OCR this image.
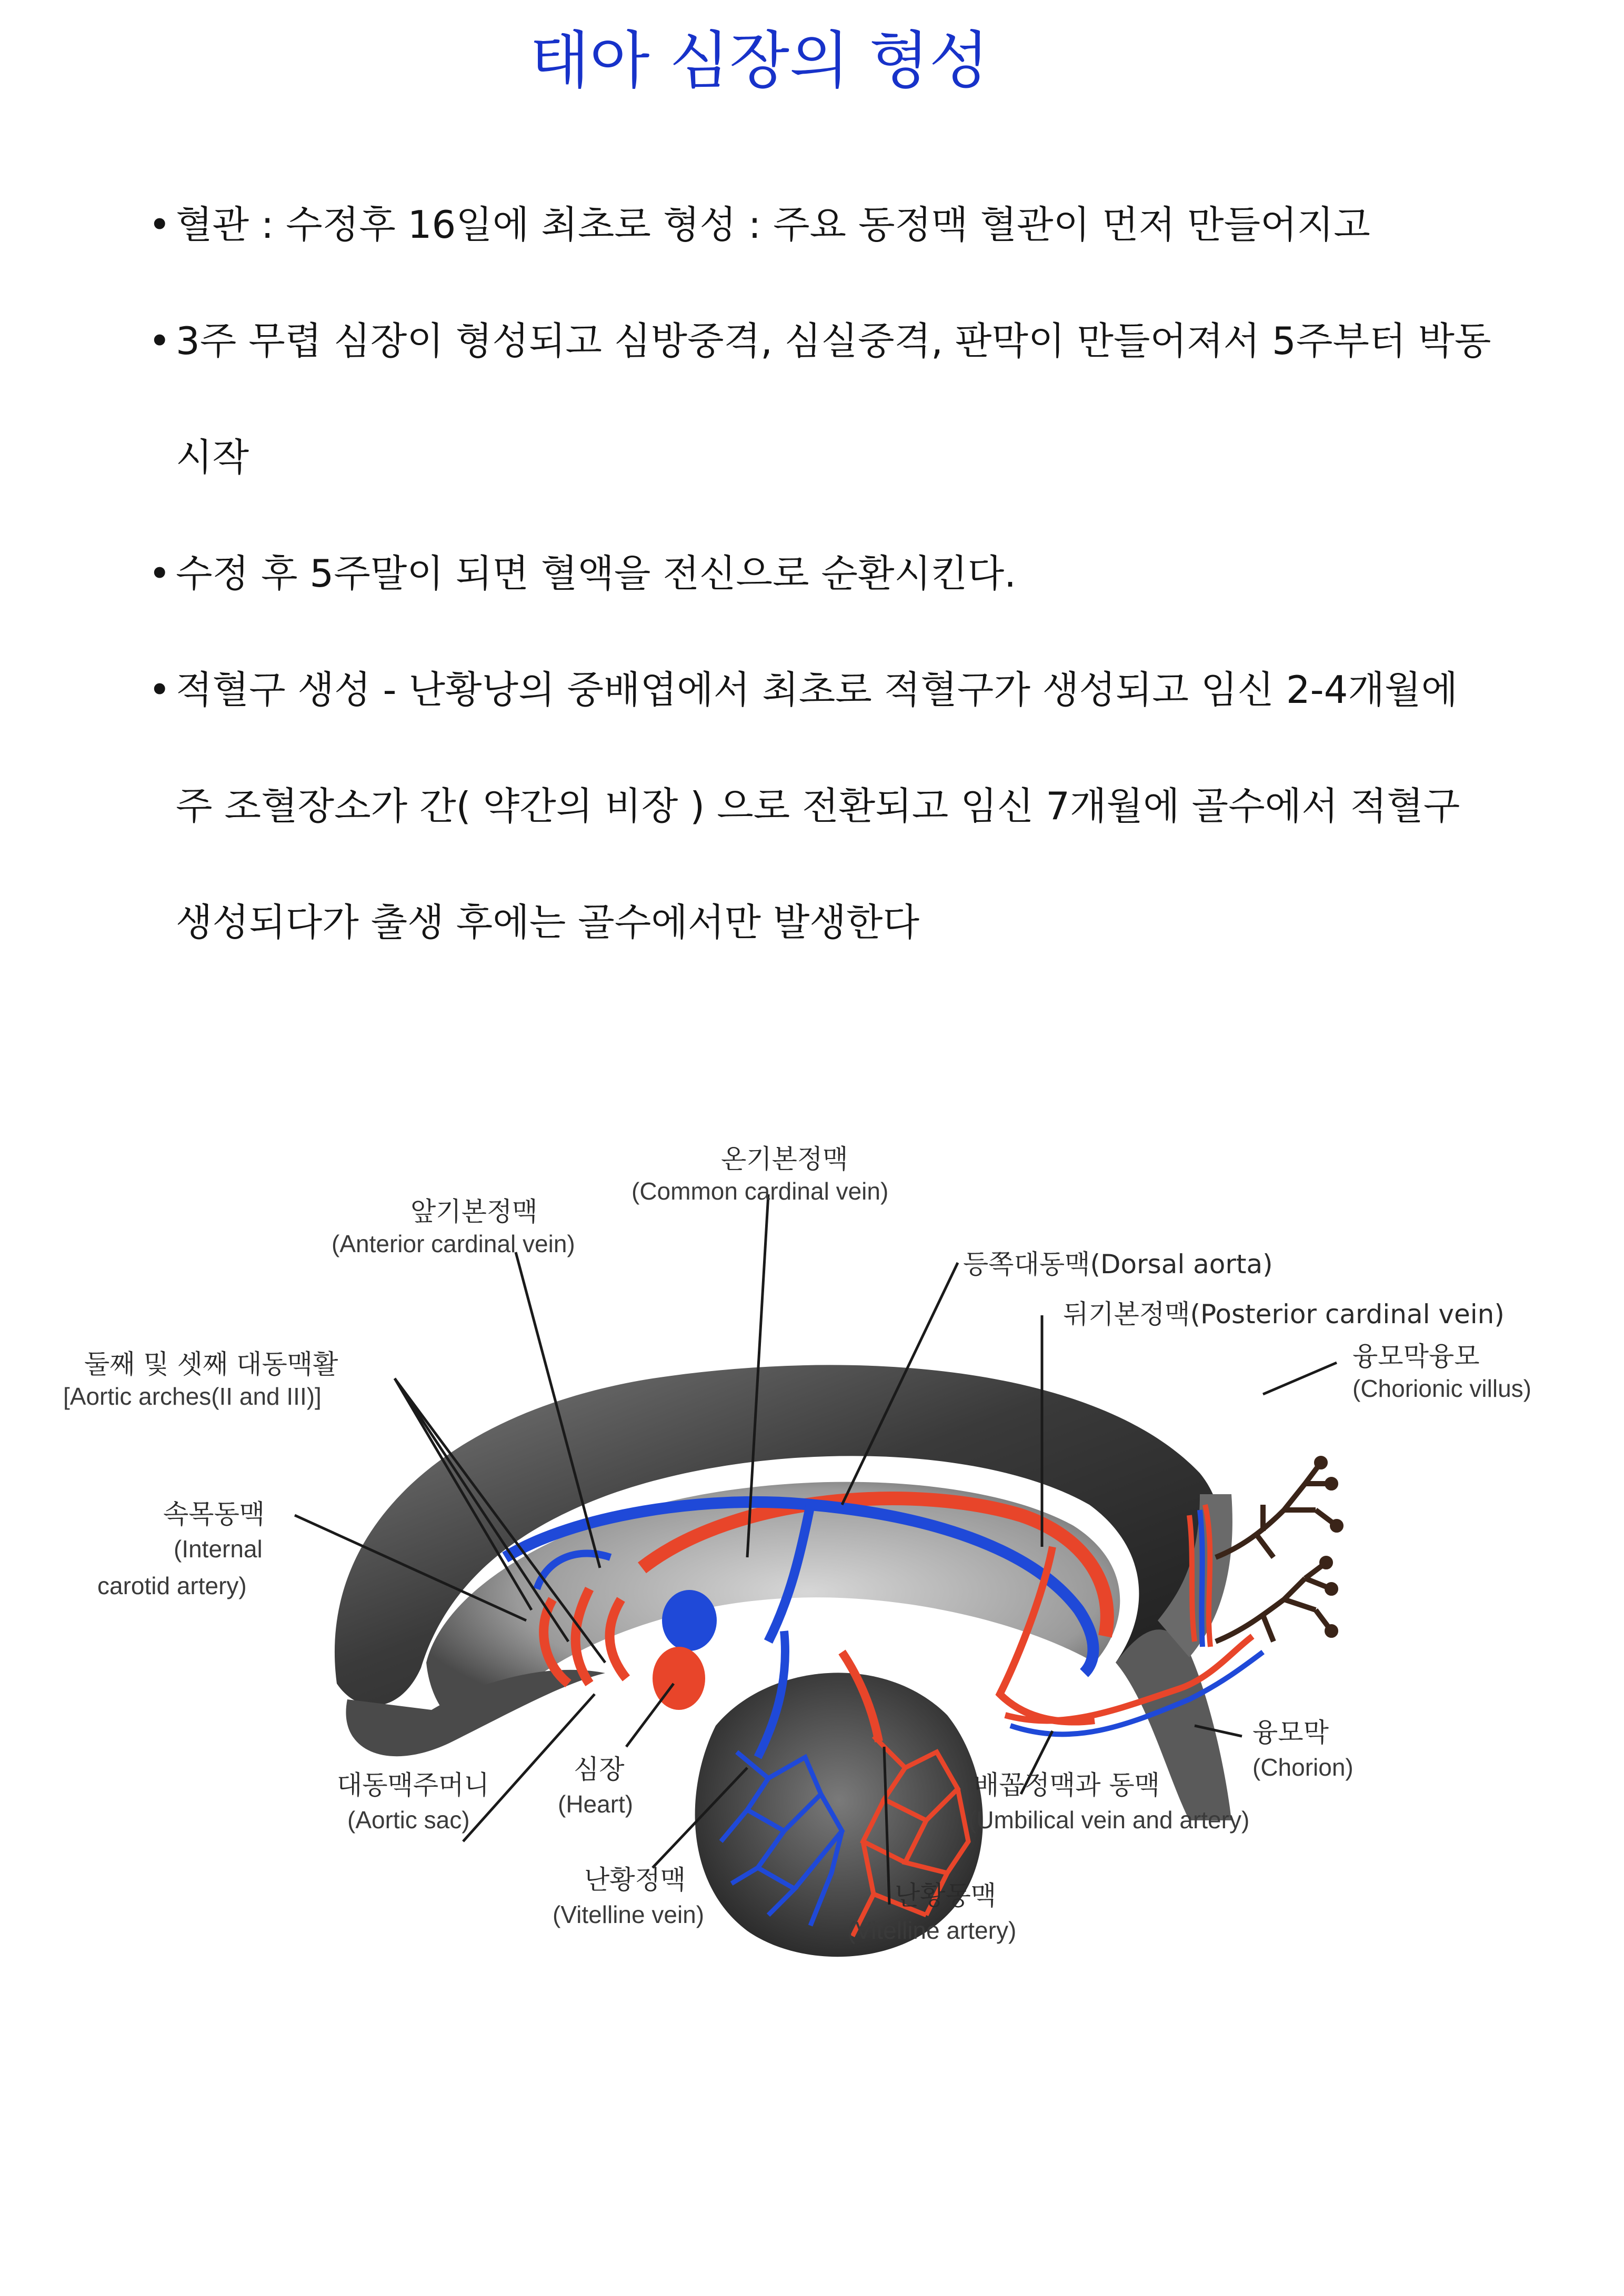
태아 심장의 형성
• 혈관 : 수정후 16일에 최초로 형성 : 주요 동정맥 혈관이 먼저 만들어지고
• 3주 무렵 심장이 형성되고 심방중격, 심실중격, 판막이 만들어져서 5주부터 박동
시작
• 수정 후 5주말이 되면 혈액을 전신으로 순환시킨다.
• 적혈구 생성 - 난황낭의 중배엽에서 최초로 적혈구가 생성되고 임신 2-4개월에
주 조혈장소가 간( 약간의 비장 ) 으로 전환되고 임신 7개월에 골수에서 적혈구
생성되다가 출생 후에는 골수에서만 발생한다
온기본정맥
(Common cardinal vein)
앞기본정맥
(Anterior cardinal vein)
등쪽대동맥(Dorsal aorta)
뒤기본정맥(Posterior cardinal vein)
융모막융모
(Chorionic villus)
둘째 및 셋째 대동맥활
[Aortic arches(II and III)]
속목동맥
(Internal
carotid artery)
융모막
(Chorion)
대동맥주머니
(Aortic sac)
심장
(Heart)
배꼽정맥과 동맥
(Umbilical vein and artery)
난황정맥
(Vitelline vein)
난황동맥
(Vitelline artery)
